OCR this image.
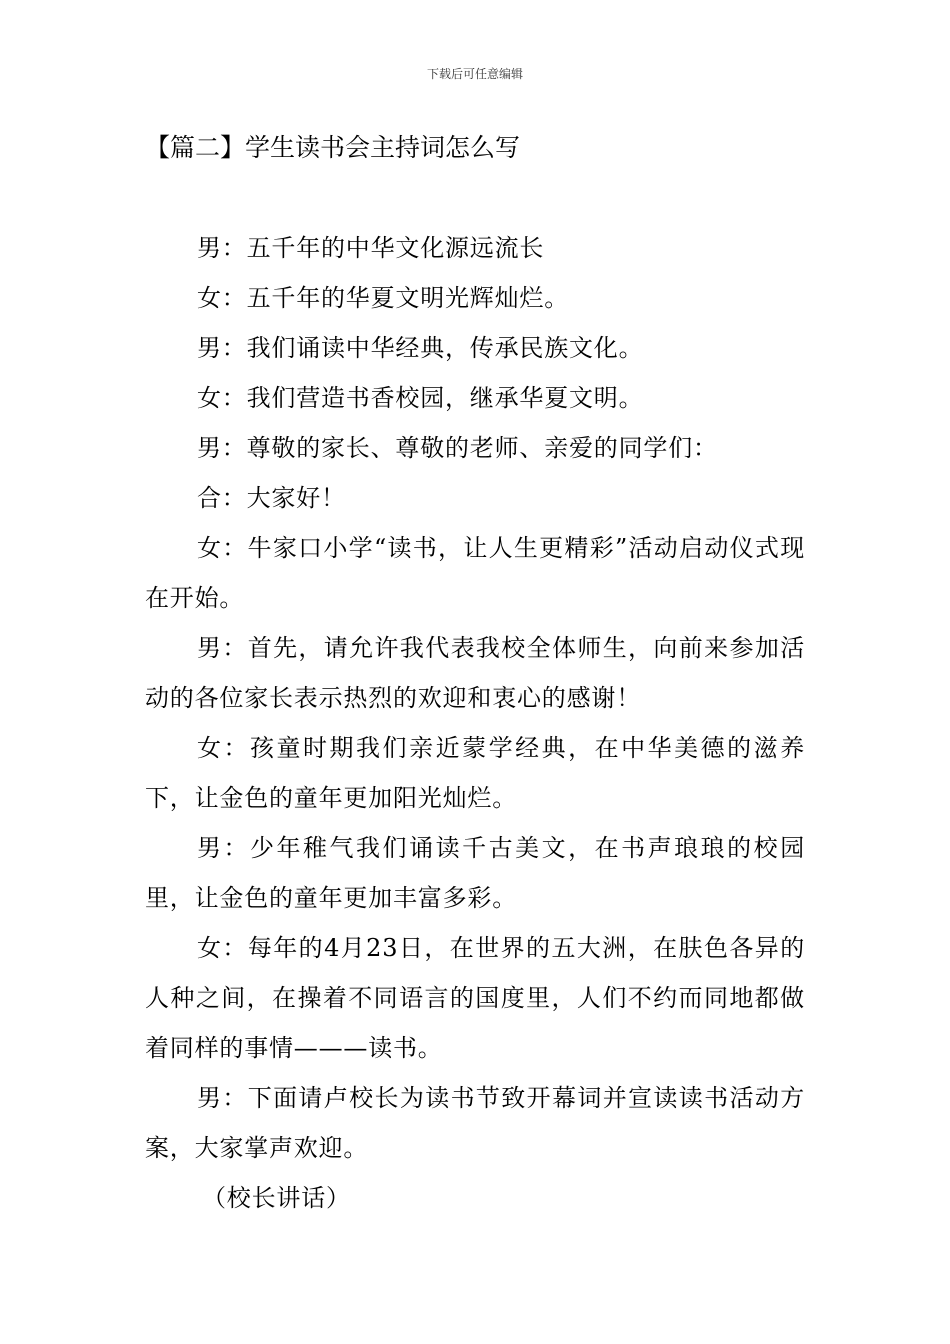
下载后可任意编辑
【篇二】学生读书会主持词怎么写

男：五千年的中华文化源远流长

女：五千年的华夏文明光辉灿烂。

男：我们诵读中华经典，传承民族文化。

女：我们营造书香校园，继承华夏文明。

男：尊敬的家长、尊敬的老师、亲爱的同学们：

合：大家好！

女：牛家口小学“读书，让人生更精彩”活动启动仪式现在开始。

男：首先，请允许我代表我校全体师生，向前来参加活动的各位家长表示热烈的欢迎和衷心的感谢！

女：孩童时期我们亲近蒙学经典，在中华美德的滋养下，让金色的童年更加阳光灿烂。

男：少年稚气我们诵读千古美文，在书声琅琅的校园里，让金色的童年更加丰富多彩。

女：每年的4月23日，在世界的五大洲，在肤色各异的人种之间，在操着不同语言的国度里，人们不约而同地都做着同样的事情———读书。

男：下面请卢校长为读书节致开幕词并宣读读书活动方案，大家掌声欢迎。

（校长讲话）
